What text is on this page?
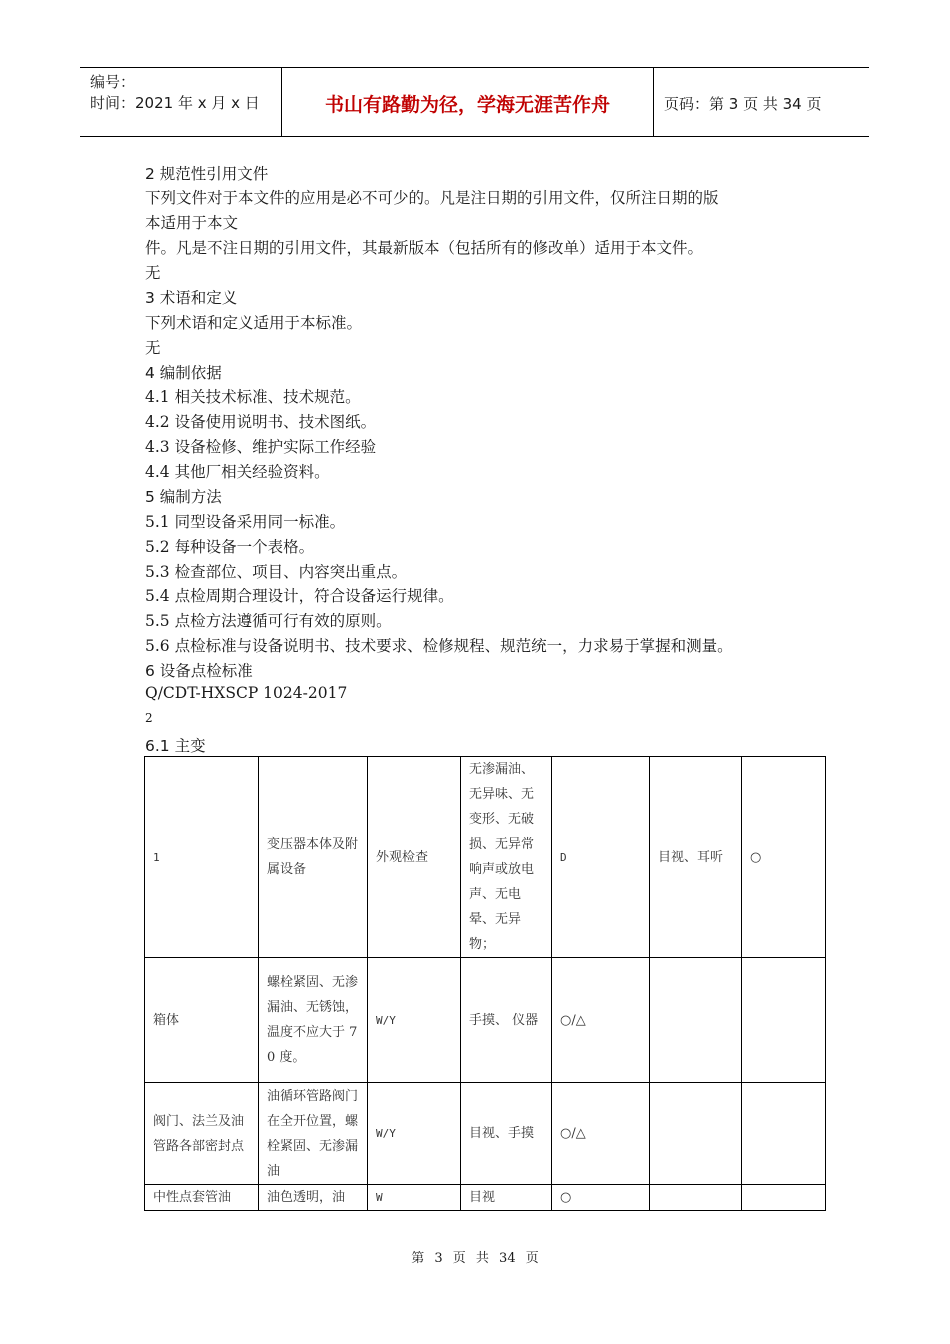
编号：
时间：2021 年 x 月 x 日	书山有路勤为径，学海无涯苦作舟	页码：第 3 页 共 34 页
2 规范性引用文件
下列文件对于本文件的应用是必不可少的。凡是注日期的引用文件，仅所注日期的版
本适用于本文
件。凡是不注日期的引用文件，其最新版本（包括所有的修改单）适用于本文件。
无
3 术语和定义
下列术语和定义适用于本标准。
无
4 编制依据
4.1 相关技术标准、技术规范。
4.2 设备使用说明书、技术图纸。
4.3 设备检修、维护实际工作经验
4.4 其他厂相关经验资料。
5 编制方法
5.1 同型设备采用同一标准。
5.2 每种设备一个表格。
5.3 检查部位、项目、内容突出重点。
5.4 点检周期合理设计，符合设备运行规律。
5.5 点检方法遵循可行有效的原则。
5.6 点检标准与设备说明书、技术要求、检修规程、规范统一，力求易于掌握和测量。
6 设备点检标准
Q/CDT-HXSCP 1024-2017
2
6.1 主变
1	变压器本体及附属设备	外观检查	无渗漏油、无异味、无变形、无破损、无异常响声或放电声、无电晕、无异物；	D	目视、耳听	○
箱体	螺栓紧固、无渗漏油、无锈蚀， 温度不应大于 70 度。	W/Y	手摸、 仪器	○/△		
阀门、法兰及油管路各部密封点	油循环管路阀门在全开位置，螺栓紧固、无渗漏油	W/Y	目视、手摸	○/△		
中性点套管油	油色透明，油	W	目视	○		
第 3 页 共 34 页
